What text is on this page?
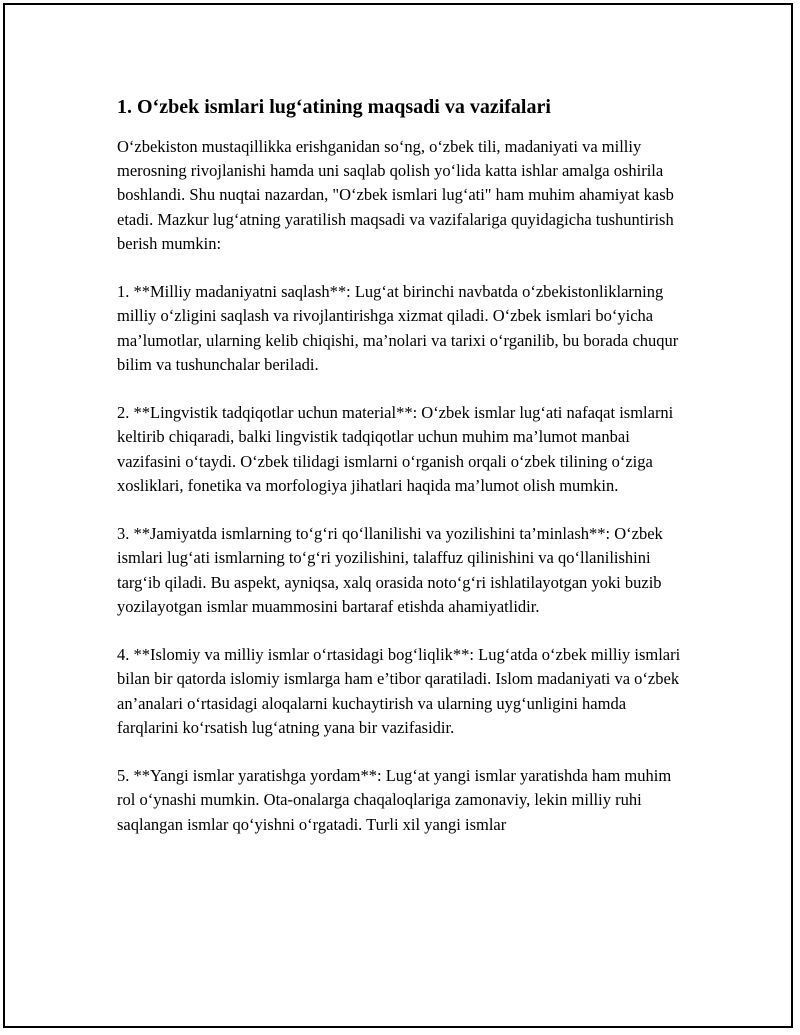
1. O‘zbek ismlari lug‘atining maqsadi va vazifalari

O‘zbekiston mustaqillikka erishganidan so‘ng, o‘zbek tili, madaniyati va milliy merosning rivojlanishi hamda uni saqlab qolish yo‘lida katta ishlar amalga oshirila boshlandi. Shu nuqtai nazardan, "O‘zbek ismlari lug‘ati" ham muhim ahamiyat kasb etadi. Mazkur lug‘atning yaratilish maqsadi va vazifalariga quyidagicha tushuntirish berish mumkin:

1. **Milliy madaniyatni saqlash**: Lug‘at birinchi navbatda o‘zbekistonliklarning milliy o‘zligini saqlash va rivojlantirishga xizmat qiladi. O‘zbek ismlari bo‘yicha ma’lumotlar, ularning kelib chiqishi, ma’nolari va tarixi o‘rganilib, bu borada chuqur bilim va tushunchalar beriladi.

2. **Lingvistik tadqiqotlar uchun material**: O‘zbek ismlar lug‘ati nafaqat ismlarni keltirib chiqaradi, balki lingvistik tadqiqotlar uchun muhim ma’lumot manbai vazifasini o‘taydi. O‘zbek tilidagi ismlarni o‘rganish orqali o‘zbek tilining o‘ziga xosliklari, fonetika va morfologiya jihatlari haqida ma’lumot olish mumkin.

3. **Jamiyatda ismlarning to‘g‘ri qo‘llanilishi va yozilishini ta’minlash**: O‘zbek ismlari lug‘ati ismlarning to‘g‘ri yozilishini, talaffuz qilinishini va qo‘llanilishini targ‘ib qiladi. Bu aspekt, ayniqsa, xalq orasida noto‘g‘ri ishlatilayotgan yoki buzib yozilayotgan ismlar muammosini bartaraf etishda ahamiyatlidir.

4. **Islomiy va milliy ismlar o‘rtasidagi bog‘liqlik**: Lug‘atda o‘zbek milliy ismlari bilan bir qatorda islomiy ismlarga ham e’tibor qaratiladi. Islom madaniyati va o‘zbek an’analari o‘rtasidagi aloqalarni kuchaytirish va ularning uyg‘unligini hamda farqlarini ko‘rsatish lug‘atning yana bir vazifasidir.

5. **Yangi ismlar yaratishga yordam**: Lug‘at yangi ismlar yaratishda ham muhim rol o‘ynashi mumkin. Ota-onalarga chaqaloqlariga zamonaviy, lekin milliy ruhi saqlangan ismlar qo‘yishni o‘rgatadi. Turli xil yangi ismlar
